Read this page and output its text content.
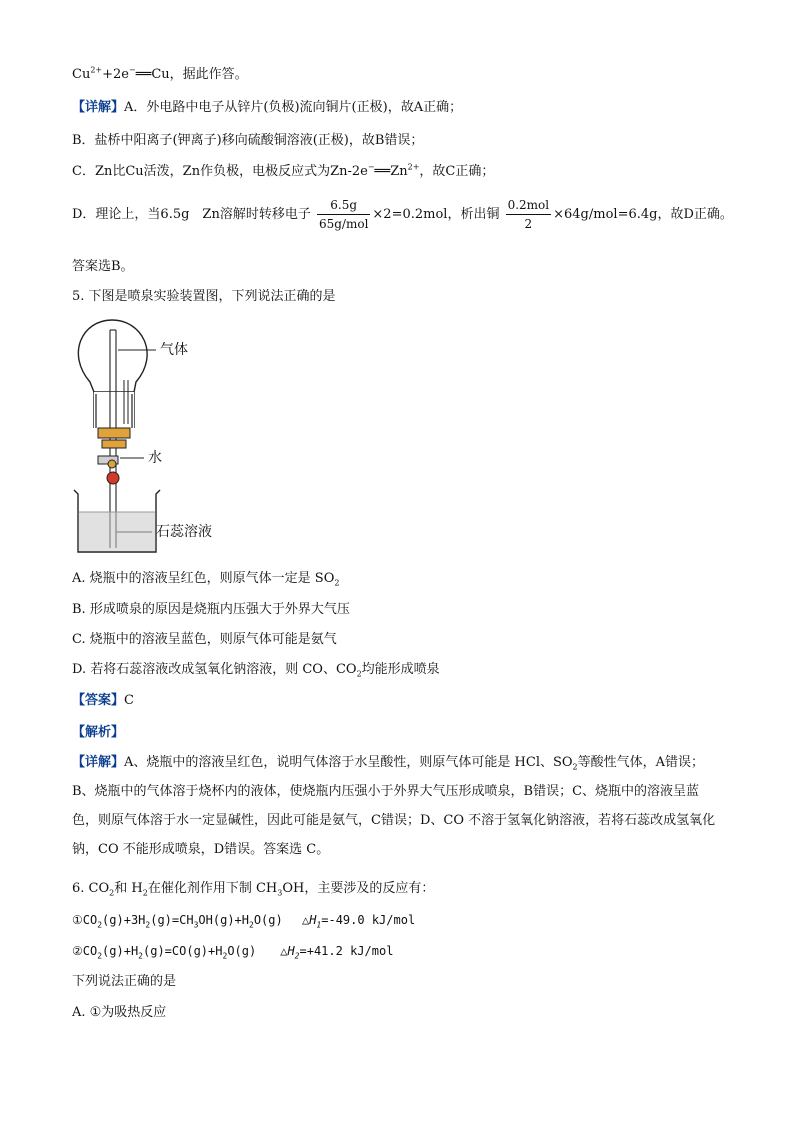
$Cu^{2+}+2e^-══Cu$，据此作答。
【详解】A．外电路中电子从锌片(负极)流向铜片(正极)，故A正确；
B．盐桥中阳离子(钾离子)移向硫酸铜溶液(正极)，故B错误；
C．Zn比Cu活泼，Zn作负极，电极反应式为$Zn-2e^-══Zn^{2+}$，故C正确；
D．理论上，当6.5g　Zn溶解时转移电子 $\frac{6.5g}{\text{65g/mol}} \times 2=0.2mol$，析出铜 $\frac{\text{0.2mol}}{2} \times 64g/mol=6.4g$，故D正确。
答案选B。
5. 下图是喷泉实验装置图，下列说法正确的是
气体
水
石蕊溶液
A. 烧瓶中的溶液呈红色，则原气体一定是 $SO_2$
B. 形成喷泉的原因是烧瓶内压强大于外界大气压
C. 烧瓶中的溶液呈蓝色，则原气体可能是氨气
D. 若将石蕊溶液改成氢氧化钠溶液，则 CO、$CO_2$均能形成喷泉
【答案】C
【解析】
【详解】A、烧瓶中的溶液呈红色，说明气体溶于水呈酸性，则原气体可能是 HCl、$SO_2$等酸性气体，A错误；B、烧瓶中的气体溶于烧杯内的液体，使烧瓶内压强小于外界大气压形成喷泉，B错误；C、烧瓶中的溶液呈蓝色，则原气体溶于水一定显碱性，因此可能是氨气，C错误；D、CO 不溶于氢氧化钠溶液，若将石蕊改成氢氧化钠，CO 不能形成喷泉，D错误。答案选 C。
6. $CO_2$和 $H_2$在催化剂作用下制 $CH_3OH$，主要涉及的反应有：
$①CO_2(g)+3H_2(g)=CH_3OH(g)+H_2O(g)$　 $\triangle H_1=-49.0$ kJ/mol
$②CO_2(g)+H_2(g)=CO(g)+H_2O(g)$　　$\triangle H_2=+41.2$ kJ/mol
下列说法正确的是
A. ①为吸热反应
